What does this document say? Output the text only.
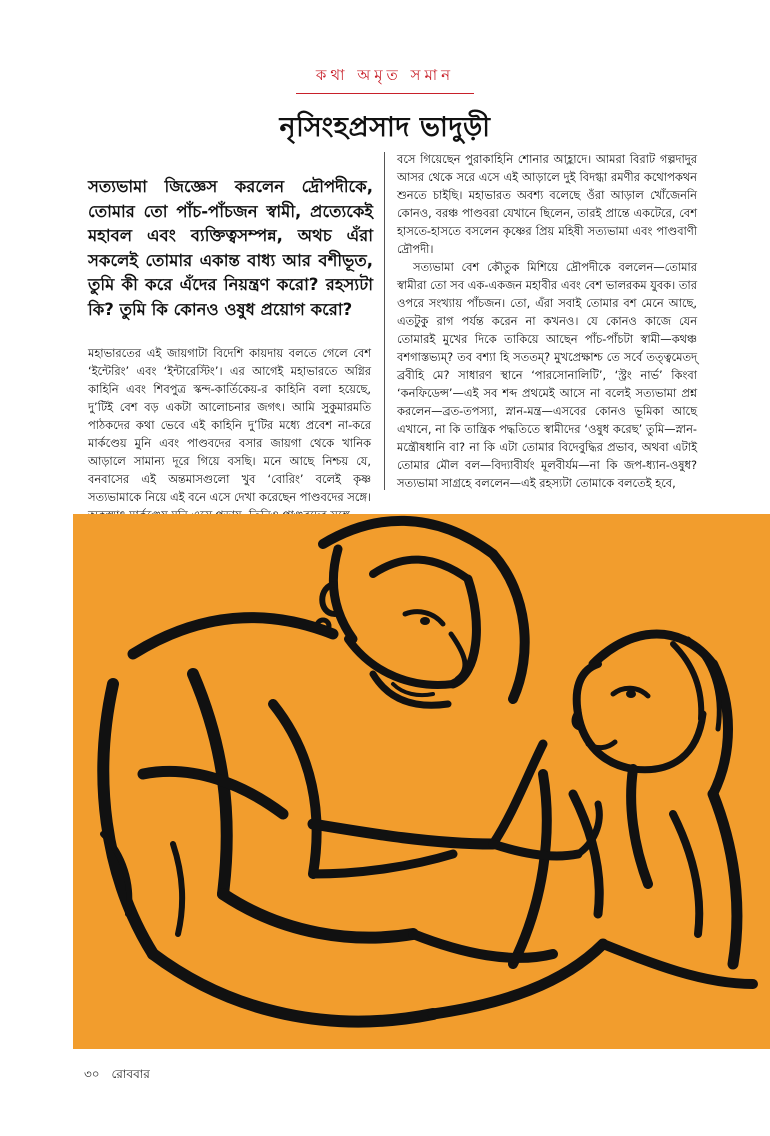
কথা অমৃত সমান
নৃসিংহপ্রসাদ ভাদুড়ী

সত্যভামা জিজ্ঞেস করলেন দ্রৌপদীকে, তোমার তো পাঁচ-পাঁচজন স্বামী, প্রত্যেকেই মহাবল এবং ব্যক্তিত্বসম্পন্ন, অথচ এঁরা সকলেই তোমার একান্ত বাধ্য আর বশীভূত, তুমি কী করে এঁদের নিয়ন্ত্রণ করো? রহস্যটা কি? তুমি কি কোনও ওষুধ প্রয়োগ করো?

মহাভারতের এই জায়গাটা বিদেশি কায়দায় বলতে গেলে বেশ ‘ইন্টেরিং’ এবং ‘ইন্টারেস্টিং’। এর আগেই মহাভারতে অগ্নির কাহিনি এবং শিবপুত্র স্কন্দ-কার্তিকেয়-র কাহিনি বলা হয়েছে, দু’টিই বেশ বড় একটা আলোচনার জগৎ। আমি সুকুমারমতি পাঠকদের কথা ভেবে এই কাহিনি দু’টির মধ্যে প্রবেশ না-করে মার্কণ্ডেয় মুনি এবং পাণ্ডবদের বসার জায়গা থেকে খানিক আড়ালে সামান্য দূরে গিয়ে বসছি। মনে আছে নিশ্চয় যে, বনবাসের এই অন্তমাসগুলো খুব ‘বোরিং’ বলেই কৃষ্ণ সত্যভামাকে নিয়ে এই বনে এসে দেখা করেছেন পাণ্ডবদের সঙ্গে।

বসে গিয়েছেন পুরাকাহিনি শোনার আহ্লাদে। আমরা বিরাট গল্পদাদুর আসর থেকে সরে এসে এই আড়ালে দুই বিদগ্ধা রমণীর কথোপকথন শুনতে চাইছি। মহাভারত অবশ্য বলেছে ওঁরা আড়াল খোঁজেননি কোনও, বরঞ্চ পাণ্ডবরা যেখানে ছিলেন, তারই প্রান্তে একটেরে, বেশ হাসতে-হাসতে বসলেন কৃষ্ণের প্রিয় মহিষী সত্যভামা এবং পাণ্ডবাণী দ্রৌপদী।

সত্যভামা বেশ কৌতুক মিশিয়ে দ্রৌপদীকে বললেন—তোমার স্বামীরা তো সব এক-একজন মহাবীর এবং বেশ ভালরকম যুবক। তার ওপরে সংখ্যায় পাঁচজন। তো, এঁরা সবাই তোমার বশ মেনে আছে, এতটুকু রাগ পর্যন্ত করেন না কখনও। যে কোনও কাজে যেন তোমারই মুখের দিকে তাকিয়ে আছেন পাঁচ-পাঁচটা স্বামী—কথঞ্চ বশগাস্তভ্যম্? তব বশ্যা হি সততম্? মুখপ্রেক্ষাশ্চ তে সর্বে তত্ত্বমেতদ্ ব্রবীহি মে? সাধারণ স্থানে ‘পারসোনালিটি’, ‘স্ট্রং নার্ভ’ কিংবা ‘কনফিডেন্স’—এই সব শব্দ প্রথমেই আসে না বলেই সত্যভামা প্রশ্ন করলেন—ব্রত-তপস্যা, স্নান-মন্ত্র—এসবের কোনও ভূমিকা আছে এখানে, না কি তান্ত্রিক পদ্ধতিতে স্বামীদের ‘ওষুধ করেছ’ তুমি—স্নান-মন্ত্রৌষধানি বা? না কি এটা তোমার বিদেবুদ্ধির প্রভাব, অথবা এটাই তোমার মৌল বল—বিদ্যাবীর্যং মূলবীর্যম—না কি জপ-ধ্যান-ওষুধ? সত্যভামা সাগ্রহে বললেন—এই রহস্যটা তোমাকে বলতেই হবে,

৩০ রোববার
